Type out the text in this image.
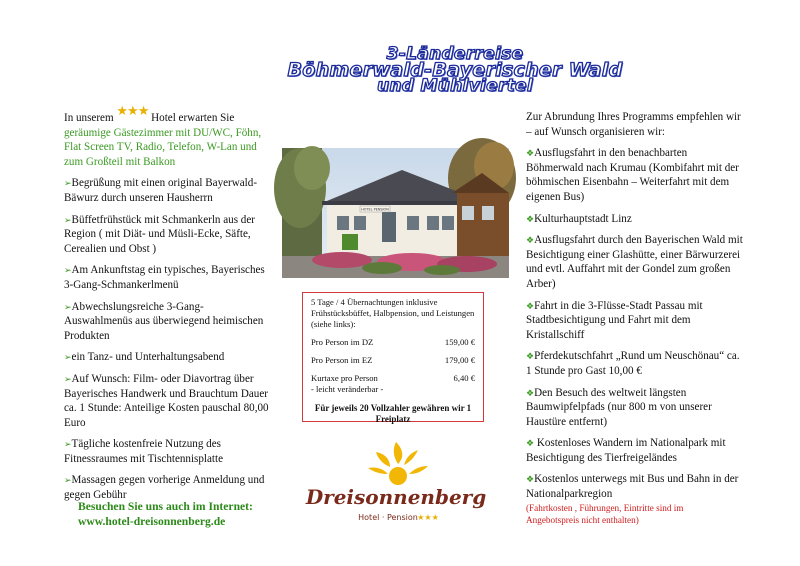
3-Länderreise
Böhmerwald-Bayerischer Wald
und Mühlviertel

In unserem ★★★ Hotel erwarten Sie geräumige Gästezimmer mit DU/WC, Föhn, Flat Screen TV, Radio, Telefon, W-Lan und zum Großteil mit Balkon

➢Begrüßung mit einen original Bayerwald-Bäwurz durch unseren Hausherrn

➢Büffetfrühstück mit Schmankerln aus der Region ( mit Diät- und Müsli-Ecke, Säfte, Cerealien und Obst )

➢Am Ankunftstag ein typisches, Bayerisches 3-Gang-Schmankerlmenü

➢Abwechslungsreiche 3-Gang-Auswahlmenüs aus überwiegend heimischen Produkten

➢ein Tanz- und Unterhaltungsabend

➢Auf Wunsch: Film- oder Diavortrag über Bayerisches Handwerk und Brauchtum Dauer ca. 1 Stunde: Anteilige Kosten pauschal 80,00 Euro

➢Tägliche kostenfreie Nutzung des Fitnessraumes mit Tischtennisplatte

➢Massagen gegen vorherige Anmeldung und gegen Gebühr

Besuchen Sie uns auch im Internet:
www.hotel-dreisonnenberg.de
HOTEL PENSION
5 Tage / 4 Übernachtungen inklusive Frühstücksbüffet, Halbpension, und Leistungen (siehe links):
Pro Person im DZ	159,00 €
Pro Person im EZ	179,00 €
Kurtaxe pro Person	6,40 €
- leicht veränderbar -
Für jeweils 20 Vollzahler gewähren wir 1 Freiplatz
Dreisonnenberg
Hotel · Pension ★★★

Zur Abrundung Ihres Programms empfehlen wir – auf Wunsch organisieren wir:

❖Ausflugsfahrt in den benachbarten Böhmerwald nach Krumau (Kombifahrt mit der böhmischen Eisenbahn – Weiterfahrt mit dem eigenen Bus)

❖Kulturhauptstadt Linz

❖Ausflugsfahrt durch den Bayerischen Wald mit Besichtigung einer Glashütte, einer Bärwurzerei und evtl. Auffahrt mit der Gondel zum großen Arber)

❖Fahrt in die 3-Flüsse-Stadt Passau mit Stadtbesichtigung und Fahrt mit dem Kristallschiff

❖Pferdekutschfahrt „Rund um Neuschönau“ ca. 1 Stunde pro Gast 10,00 €

❖Den Besuch des weltweit längsten Baumwipfelpfads (nur 800 m von unserer Haustüre entfernt)

❖ Kostenloses Wandern im Nationalpark mit Besichtigung des Tierfreigeländes

❖Kostenlos unterwegs mit Bus und Bahn in der Nationalparkregion

(Fahrtkosten , Führungen, Eintritte sind im Angebotspreis nicht enthalten)
